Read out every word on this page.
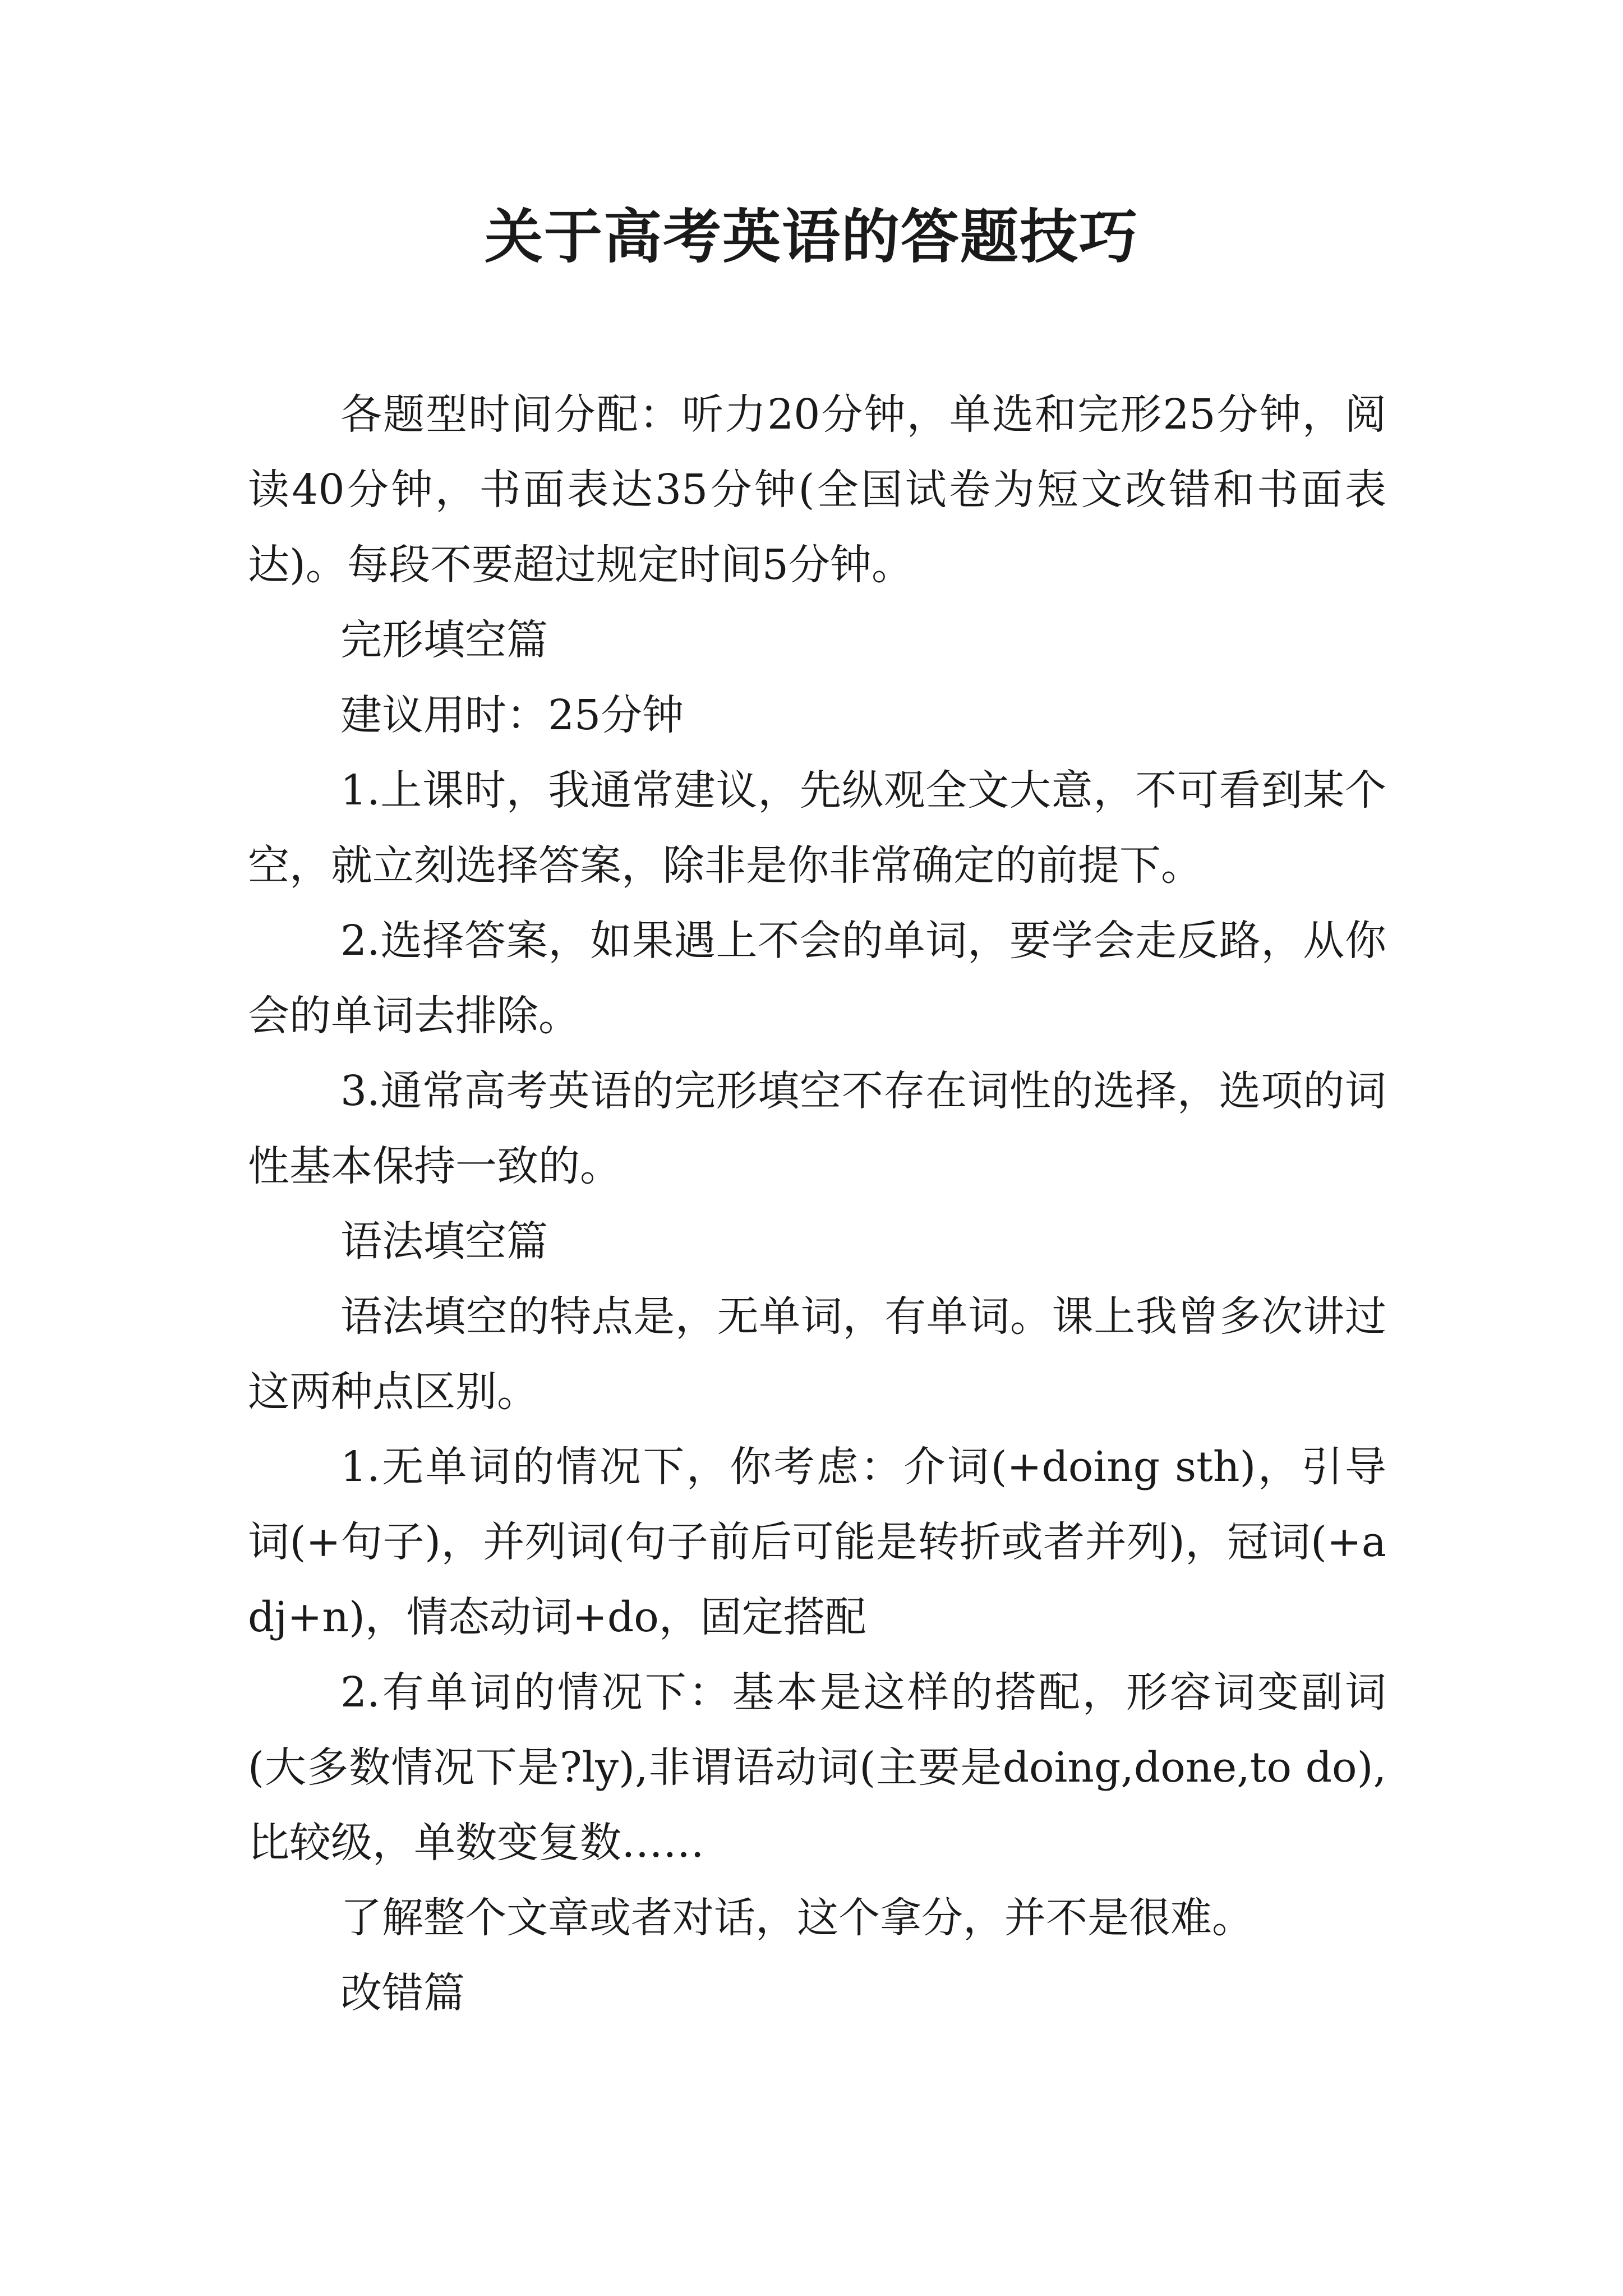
关于高考英语的答题技巧

各题型时间分配：听力20分钟，单选和完形25分钟，阅读40分钟，书面表达35分钟(全国试卷为短文改错和书面表达)。每段不要超过规定时间5分钟。

完形填空篇

建议用时：25分钟

1.上课时，我通常建议，先纵观全文大意，不可看到某个空，就立刻选择答案，除非是你非常确定的前提下。

2.选择答案，如果遇上不会的单词，要学会走反路，从你会的单词去排除。

3.通常高考英语的完形填空不存在词性的选择，选项的词性基本保持一致的。

语法填空篇

语法填空的特点是，无单词，有单词。课上我曾多次讲过这两种点区别。

1.无单词的情况下，你考虑：介词(+doing sth)，引导词(+句子)，并列词(句子前后可能是转折或者并列)，冠词(+adj+n)，情态动词+do，固定搭配

2.有单词的情况下：基本是这样的搭配，形容词变副词(大多数情况下是?ly),非谓语动词(主要是doing,done,to do),比较级，单数变复数……

了解整个文章或者对话，这个拿分，并不是很难。

改错篇
